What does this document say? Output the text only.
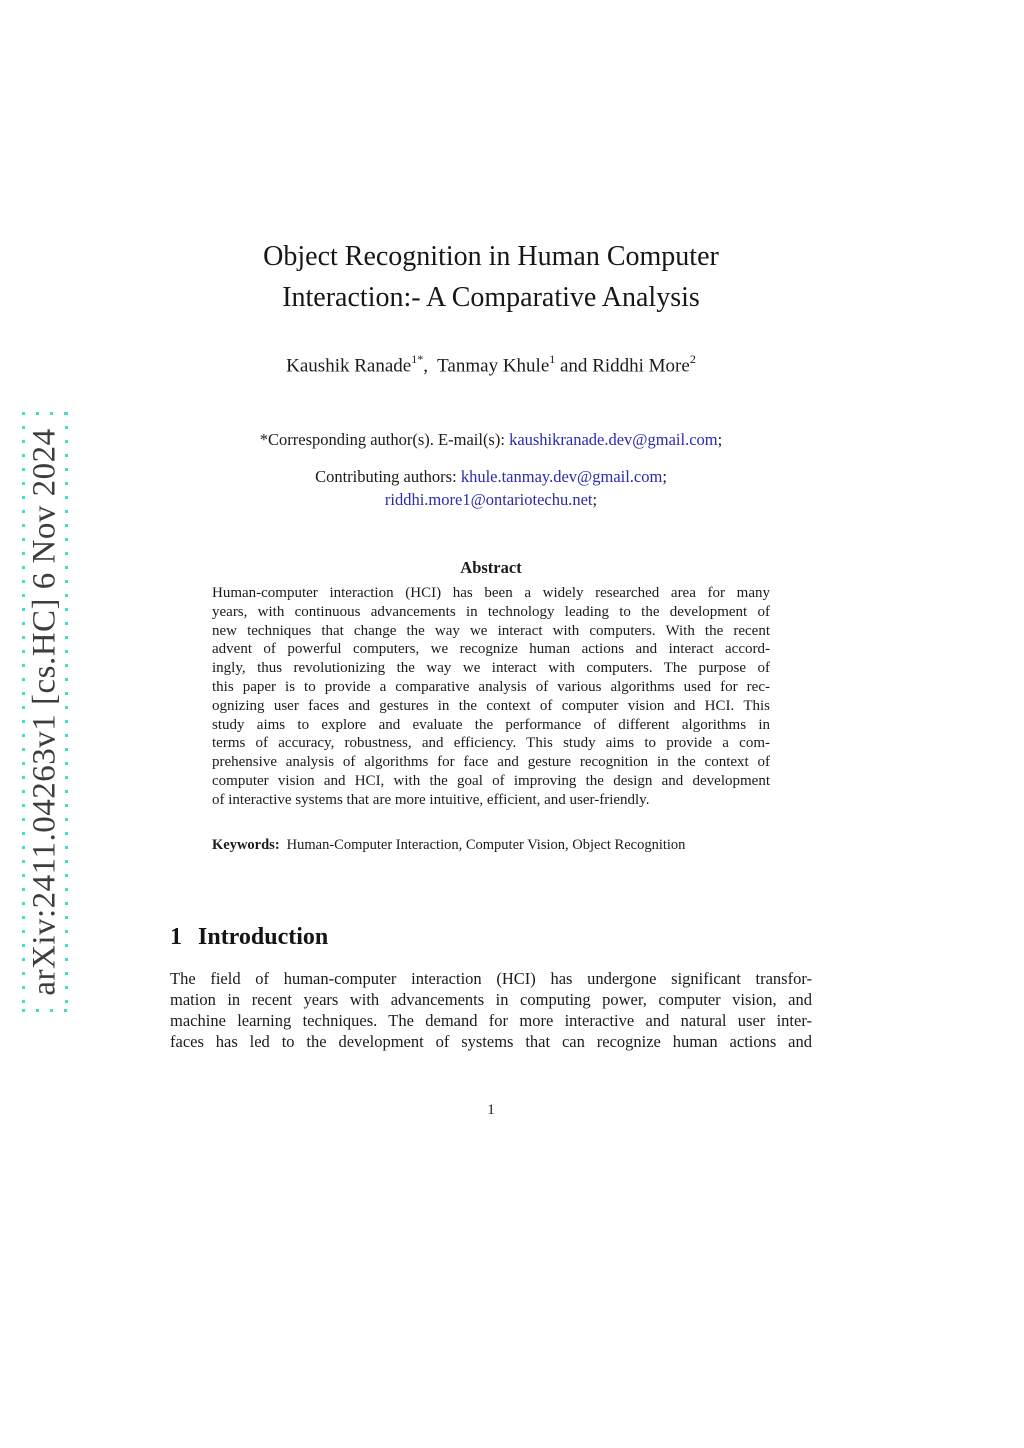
arXiv:2411.04263v1 [cs.HC] 6 Nov 2024
Object Recognition in Human Computer
Interaction:- A Comparative Analysis
Kaushik Ranade$^{1*}$,  Tanmay Khule$^1$ and Riddhi More$^2$
*Corresponding author(s). E-mail(s): kaushikranade.dev@gmail.com;
Contributing authors: khule.tanmay.dev@gmail.com;
riddhi.more1@ontariotechu.net;
Abstract
Human-computer interaction (HCI) has been a widely researched area for many
years, with continuous advancements in technology leading to the development of
new techniques that change the way we interact with computers. With the recent
advent of powerful computers, we recognize human actions and interact accord-
ingly, thus revolutionizing the way we interact with computers. The purpose of
this paper is to provide a comparative analysis of various algorithms used for rec-
ognizing user faces and gestures in the context of computer vision and HCI. This
study aims to explore and evaluate the performance of different algorithms in
terms of accuracy, robustness, and efficiency. This study aims to provide a com-
prehensive analysis of algorithms for face and gesture recognition in the context of
computer vision and HCI, with the goal of improving the design and development
of interactive systems that are more intuitive, efficient, and user-friendly.
Keywords: Human-Computer Interaction, Computer Vision, Object Recognition
1 Introduction
The field of human-computer interaction (HCI) has undergone significant transfor-
mation in recent years with advancements in computing power, computer vision, and
machine learning techniques. The demand for more interactive and natural user inter-
faces has led to the development of systems that can recognize human actions and
1
